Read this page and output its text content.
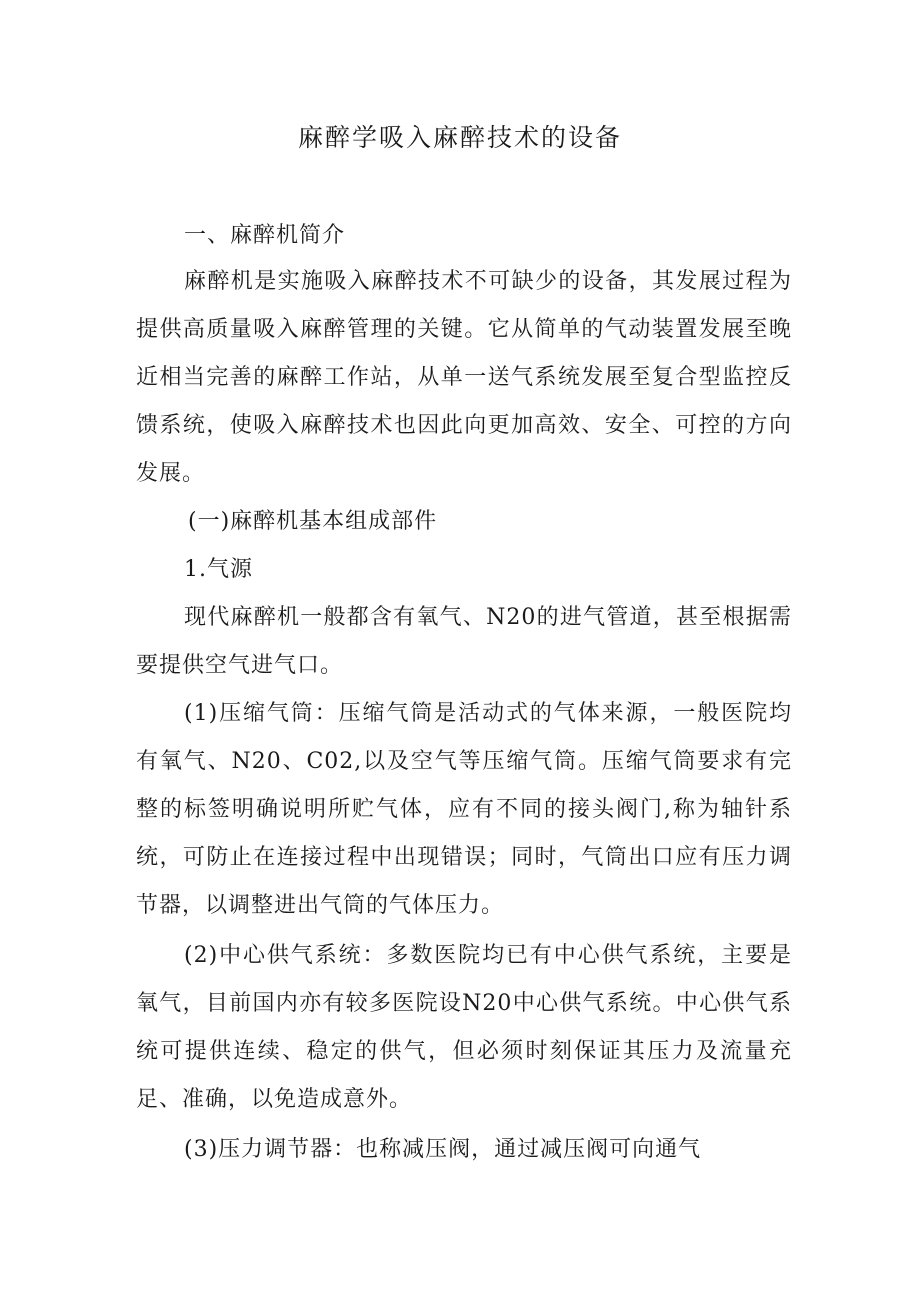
麻醉学吸入麻醉技术的设备

一、麻醉机简介

麻醉机是实施吸入麻醉技术不可缺少的设备，其发展过程为提供高质量吸入麻醉管理的关键。它从简单的气动装置发展至晚近相当完善的麻醉工作站，从单一送气系统发展至复合型监控反馈系统，使吸入麻醉技术也因此向更加高效、安全、可控的方向发展。

(一)麻醉机基本组成部件

1.气源

现代麻醉机一般都含有氧气、N20的进气管道，甚至根据需要提供空气进气口。

(1)压缩气筒：压缩气筒是活动式的气体来源，一般医院均有氧气、N20、C02,以及空气等压缩气筒。压缩气筒要求有完整的标签明确说明所贮气体，应有不同的接头阀门,称为轴针系统，可防止在连接过程中出现错误；同时，气筒出口应有压力调节器，以调整进出气筒的气体压力。

(2)中心供气系统：多数医院均已有中心供气系统，主要是氧气，目前国内亦有较多医院设N20中心供气系统。中心供气系统可提供连续、稳定的供气，但必须时刻保证其压力及流量充足、准确，以免造成意外。

(3)压力调节器：也称减压阀，通过减压阀可向通气
